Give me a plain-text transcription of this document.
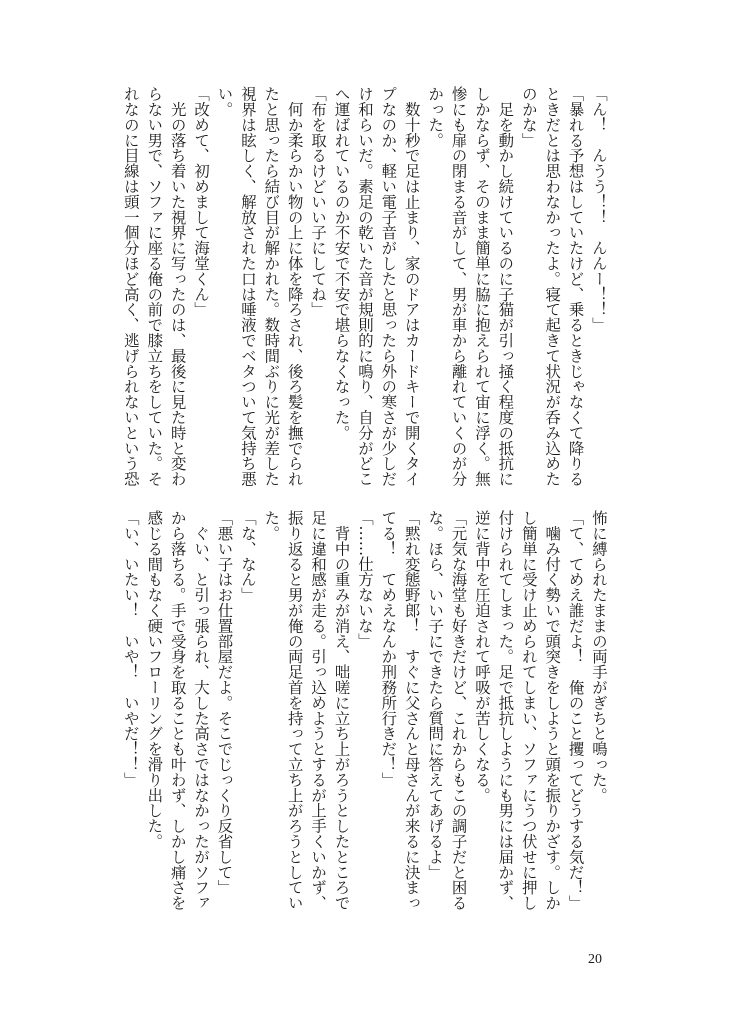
「ん！　んうう！！　んんー！！」
「暴れる予想はしていたけど、乗るときじゃなくて降りる
ときだとは思わなかったよ。寝て起きて状況が呑み込めた
のかな」
　足を動かし続けているのに子猫が引っ掻く程度の抵抗に
しかならず、そのまま簡単に脇に抱えられて宙に浮く。無
惨にも扉の閉まる音がして、男が車から離れていくのが分
かった。
　数十秒で足は止まり、家のドアはカードキーで開くタイ
プなのか、軽い電子音がしたと思ったら外の寒さが少しだ
け和らいだ。素足の乾いた音が規則的に鳴り、自分がどこ
へ運ばれているのか不安で不安で堪らなくなった。
「布を取るけどいい子にしてね」
　何か柔らかい物の上に体を降ろされ、後ろ髪を撫でられ
たと思ったら結び目が解かれた。数時間ぶりに光が差した
視界は眩しく、解放された口は唾液でベタついて気持ち悪
い。
「改めて、初めまして海堂くん」
　光の落ち着いた視界に写ったのは、最後に見た時と変わ
らない男で、ソファに座る俺の前で膝立ちをしていた。そ
れなのに目線は頭一個分ほど高く、逃げられないという恐
怖に縛られたままの両手がぎちと鳴った。
「て、てめえ誰だよ！　俺のこと攫ってどうする気だ！」
　噛み付く勢いで頭突きをしようと頭を振りかざす。しか
し簡単に受け止められてしまい、ソファにうつ伏せに押し
付けられてしまった。足で抵抗しようにも男には届かず、
逆に背中を圧迫されて呼吸が苦しくなる。
「元気な海堂も好きだけど、これからもこの調子だと困る
な。ほら、いい子にできたら質問に答えてあげるよ」
「黙れ変態野郎！　すぐに父さんと母さんが来るに決まっ
てる！　てめえなんか刑務所行きだ！」
「……仕方ないな」
　背中の重みが消え、咄嗟に立ち上がろうとしたところで
足に違和感が走る。引っ込めようとするが上手くいかず、
振り返ると男が俺の両足首を持って立ち上がろうとしてい
た。
「な、なん」
「悪い子はお仕置部屋だよ。そこでじっくり反省して」
　ぐい、と引っ張られ、大した高さではなかったがソファ
から落ちる。手で受身を取ることも叶わず、しかし痛さを
感じる間もなく硬いフローリングを滑り出した。
「い、いたい！　いや！　いやだ！！」
20
